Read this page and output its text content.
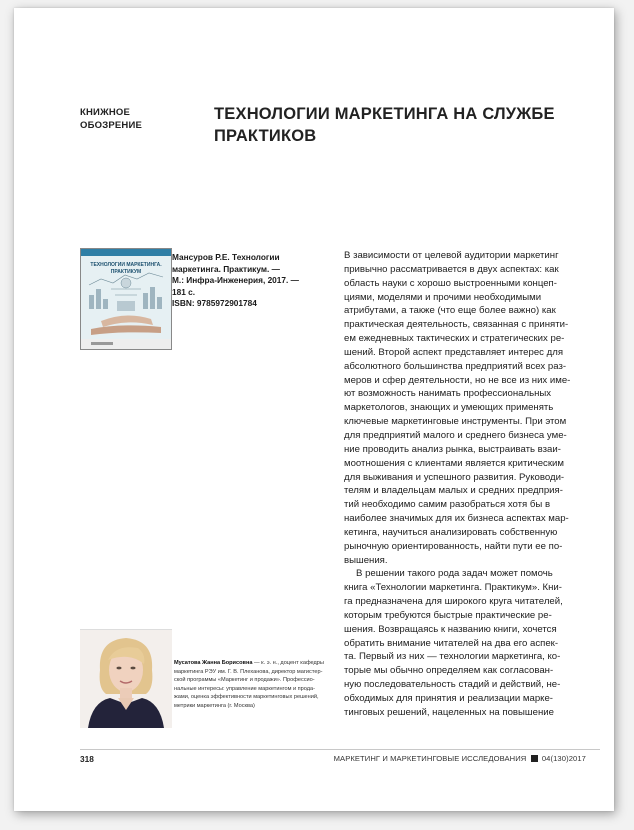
КНИЖНОЕ
ОБОЗРЕНИЕ
ТЕХНОЛОГИИ МАРКЕТИНГА НА СЛУЖБЕ
ПРАКТИКОВ
ТЕХНОЛОГИИ МАРКЕТИНГА.
ПРАКТИКУМ
Мансуров Р.Е. Технологии
маркетинга. Практикум. —
М.: Инфра-Инженерия, 2017. —
181 с.
ISBN: 9785972901784
В зависимости от целевой аудитории маркетинг
привычно рассматривается в двух аспектах: как
область науки с хорошо выстроенными концеп-
циями, моделями и прочими необходимыми
атрибутами, а также (что еще более важно) как
практическая деятельность, связанная с приняти-
ем ежедневных тактических и стратегических ре-
шений. Второй аспект представляет интерес для
абсолютного большинства предприятий всех раз-
меров и сфер деятельности, но не все из них име-
ют возможность нанимать профессиональных
маркетологов, знающих и умеющих применять
ключевые маркетинговые инструменты. При этом
для предприятий малого и среднего бизнеса уме-
ние проводить анализ рынка, выстраивать взаи-
моотношения с клиентами является критическим
для выживания и успешного развития. Руководи-
телям и владельцам малых и средних предприя-
тий необходимо самим разобраться хотя бы в
наиболее значимых для их бизнеса аспектах мар-
кетинга, научиться анализировать собственную
рыночную ориентированность, найти пути ее по-
вышения.
В решении такого рода задач может помочь
книга «Технологии маркетинга. Практикум». Кни-
га предназначена для широкого круга читателей,
которым требуются быстрые практические ре-
шения. Возвращаясь к названию книги, хочется
обратить внимание читателей на два его аспек-
та. Первый из них — технологии маркетинга, ко-
торые мы обычно определяем как согласован-
ную последовательность стадий и действий, не-
обходимых для принятия и реализации марке-
тинговых решений, нацеленных на повышение
Мусатова Жанна Борисовна — к. э. н., доцент кафедры
маркетинга РЭУ им. Г. В. Плеханова, директор магистер-
ской программы «Маркетинг и продажи». Профессио-
нальные интересы: управление маркетингом и прода-
жами, оценка эффективности маркетинговых решений,
метрики маркетинга (г. Москва)
318	МАРКЕТИНГ И МАРКЕТИНГОВЫЕ ИССЛЕДОВАНИЯ 04(130)2017
